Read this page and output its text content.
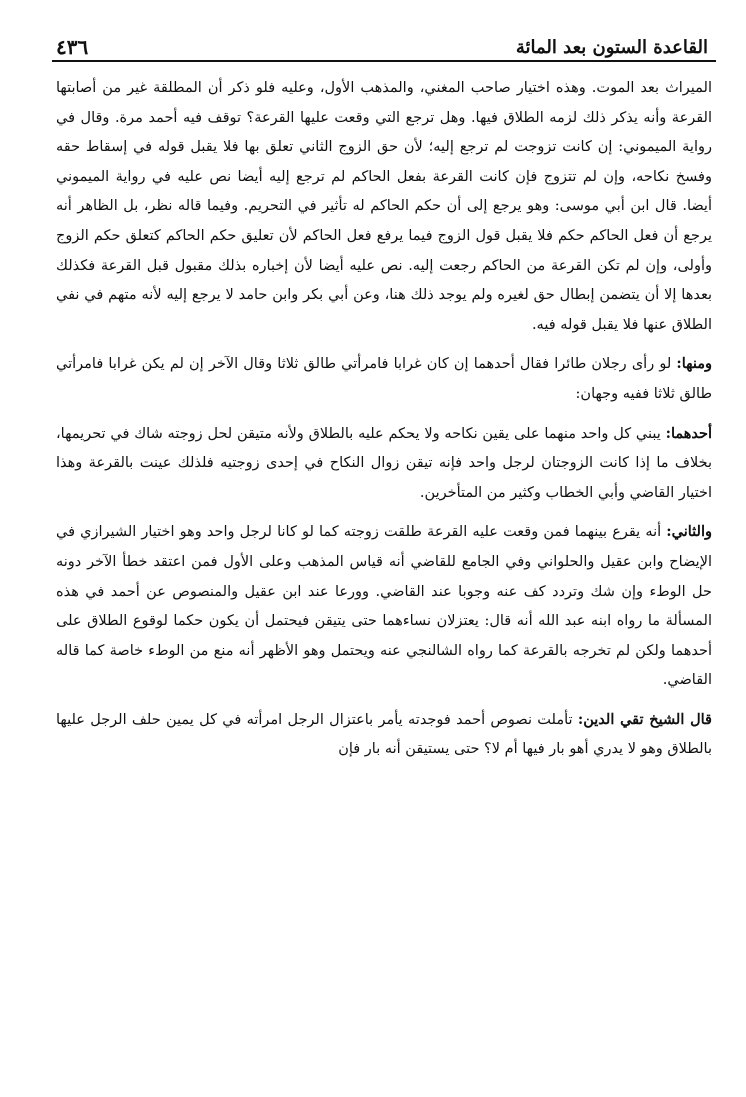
القاعدة الستون بعد المائة
٤٣٦

الميراث بعد الموت. وهذه اختيار صاحب المغني، والمذهب الأول، وعليه فلو ذكر أن المطلقة غير من أصابتها القرعة وأنه يذكر ذلك لزمه الطلاق فيها. وهل ترجع التي وقعت عليها القرعة؟ توقف فيه أحمد مرة. وقال في رواية الميموني: إن كانت تزوجت لم ترجع إليه؛ لأن حق الزوج الثاني تعلق بها فلا يقبل قوله في إسقاط حقه وفسخ نكاحه، وإن لم تتزوج فإن كانت القرعة بفعل الحاكم لم ترجع إليه أيضا نص عليه في رواية الميموني أيضا. قال ابن أبي موسى: وهو يرجع إلى أن حكم الحاكم له تأثير في التحريم. وفيما قاله نظر، بل الظاهر أنه يرجع أن فعل الحاكم حكم فلا يقبل قول الزوج فيما يرفع فعل الحاكم لأن تعليق حكم الحاكم كتعلق حكم الزوج وأولى، وإن لم تكن القرعة من الحاكم رجعت إليه. نص عليه أيضا لأن إخباره بذلك مقبول قبل القرعة فكذلك بعدها إلا أن يتضمن إبطال حق لغيره ولم يوجد ذلك هنا، وعن أبي بكر وابن حامد لا يرجع إليه لأنه متهم في نفي الطلاق عنها فلا يقبل قوله فيه.

ومنها: لو رأى رجلان طائرا فقال أحدهما إن كان غرابا فامرأتي طالق ثلاثا وقال الآخر إن لم يكن غرابا فامرأتي طالق ثلاثا ففيه وجهان:

أحدهما: يبني كل واحد منهما على يقين نكاحه ولا يحكم عليه بالطلاق ولأنه متيقن لحل زوجته شاك في تحريمها، بخلاف ما إذا كانت الزوجتان لرجل واحد فإنه تيقن زوال النكاح في إحدى زوجتيه فلذلك عينت بالقرعة وهذا اختيار القاضي وأبي الخطاب وكثير من المتأخرين.

والثاني: أنه يقرع بينهما فمن وقعت عليه القرعة طلقت زوجته كما لو كانا لرجل واحد وهو اختيار الشيرازي في الإيضاح وابن عقيل والحلواني وفي الجامع للقاضي أنه قياس المذهب وعلى الأول فمن اعتقد خطأ الآخر دونه حل الوطء وإن شك وتردد كف عنه وجوبا عند القاضي. وورعا عند ابن عقيل والمنصوص عن أحمد في هذه المسألة ما رواه ابنه عبد الله أنه قال: يعتزلان نساءهما حتى يتيقن فيحتمل أن يكون حكما لوقوع الطلاق على أحدهما ولكن لم تخرجه بالقرعة كما رواه الشالنجي عنه ويحتمل وهو الأظهر أنه منع من الوطء خاصة كما قاله القاضي.

قال الشيخ تقي الدين: تأملت نصوص أحمد فوجدته يأمر باعتزال الرجل امرأته في كل يمين حلف الرجل عليها بالطلاق وهو لا يدري أهو بار فيها أم لا؟ حتى يستيقن أنه بار فإن
